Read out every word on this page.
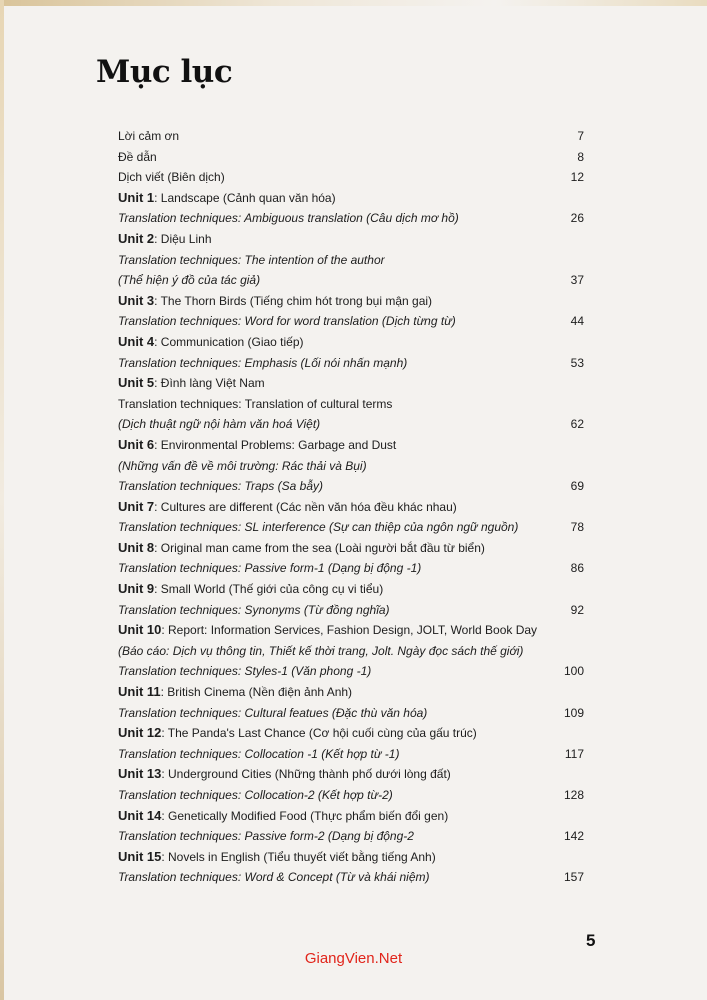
Mục lục
Lời cảm ơn	7
Đề dẫn	8
Dịch viết (Biên dịch)	12
Unit 1: Landscape (Cảnh quan văn hóa)
Translation techniques: Ambiguous translation (Câu dịch mơ hồ)	26
Unit 2: Diệu Linh
Translation techniques: The intention of the author
(Thể hiện ý đồ của tác giả)	37
Unit 3: The Thorn Birds (Tiếng chim hót trong bụi mận gai)
Translation techniques: Word for word translation (Dịch từng từ)	44
Unit 4: Communication (Giao tiếp)
Translation techniques: Emphasis (Lối nói nhấn mạnh)	53
Unit 5: Đình làng Việt Nam
Translation techniques: Translation of cultural terms
(Dịch thuật ngữ nội hàm văn hoá Việt)	62
Unit 6: Environmental Problems: Garbage and Dust
(Những vấn đề về môi trường: Rác thải và Bụi)
Translation techniques: Traps (Sa bẫy)	69
Unit 7: Cultures are different (Các nền văn hóa đều khác nhau)
Translation techniques: SL interference (Sự can thiệp của ngôn ngữ nguồn)	78
Unit 8: Original man came from the sea (Loài người bắt đầu từ biển)
Translation techniques: Passive form-1 (Dạng bị động -1)	86
Unit 9: Small World (Thế giới của công cụ vi tiểu)
Translation techniques: Synonyms (Từ đồng nghĩa)	92
Unit 10: Report: Information Services, Fashion Design, JOLT, World Book Day
(Báo cáo: Dịch vụ thông tin, Thiết kế thời trang, Jolt. Ngày đọc sách thế giới)
Translation techniques: Styles-1 (Văn phong -1)	100
Unit 11: British Cinema (Nền điện ảnh Anh)
Translation techniques: Cultural featues (Đặc thù văn hóa)	109
Unit 12: The Panda's Last Chance (Cơ hội cuối cùng của gấu trúc)
Translation techniques: Collocation -1 (Kết hợp từ -1)	117
Unit 13: Underground Cities (Những thành phố dưới lòng đất)
Translation techniques: Collocation-2 (Kết hợp từ-2)	128
Unit 14: Genetically Modified Food (Thực phẩm biến đổi gen)
Translation techniques: Passive form-2 (Dạng bị động-2	142
Unit 15: Novels in English (Tiểu thuyết viết bằng tiếng Anh)
Translation techniques: Word & Concept (Từ và khái niệm)	157
5
GiangVien.Net
